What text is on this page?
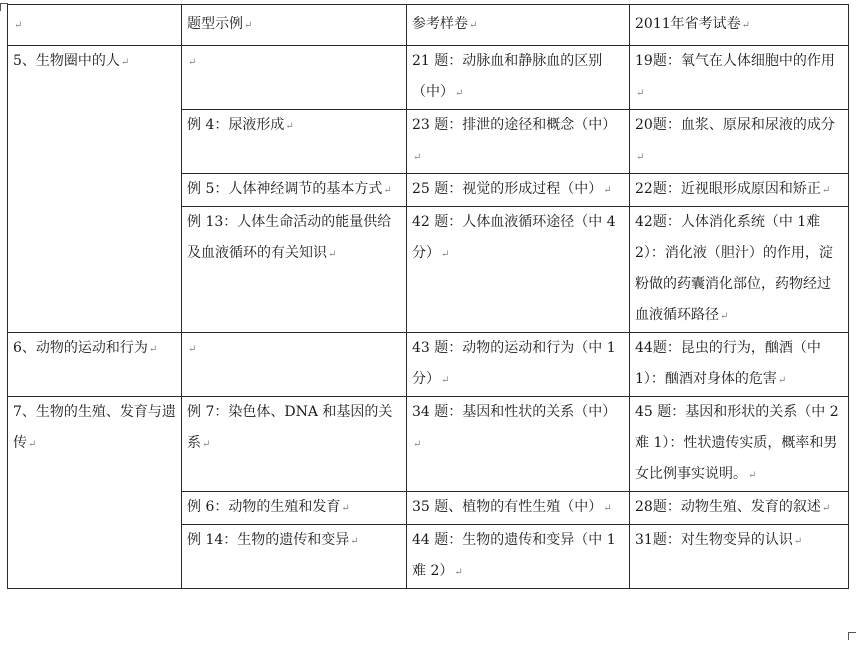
↵	题型示例↵	参考样卷↵	2011年省考试卷↵
5、生物圈中的人↵	↵	21 题：动脉血和静脉血的区别（中）↵	19题：氧气在人体细胞中的作用↵
	例 4：尿液形成↵	23 题：排泄的途径和概念（中）↵	20题：血浆、原尿和尿液的成分↵
	例 5：人体神经调节的基本方式↵	25 题：视觉的形成过程（中）↵	22题：近视眼形成原因和矫正↵
	例 13：人体生命活动的能量供给及血液循环的有关知识↵	42 题：人体血液循环途径（中 4分）↵	42题：人体消化系统（中 1难 2）：消化液（胆汁）的作用，淀粉做的药囊消化部位，药物经过血液循环路径↵
6、动物的运动和行为↵	↵	43 题：动物的运动和行为（中 1分）↵	44题：昆虫的行为，酗酒（中 1）：酗酒对身体的危害↵
7、生物的生殖、发育与遗传↵	例 7：染色体、DNA 和基因的关系↵	34 题：基因和性状的关系（中）↵	45 题：基因和形状的关系（中 2难 1）：性状遗传实质，概率和男女比例事实说明。↵
	例 6：动物的生殖和发育↵	35 题、植物的有性生殖（中）↵	28题：动物生殖、发育的叙述↵
	例 14：生物的遗传和变异↵	44 题：生物的遗传和变异（中 1难 2）↵	31题：对生物变异的认识↵
